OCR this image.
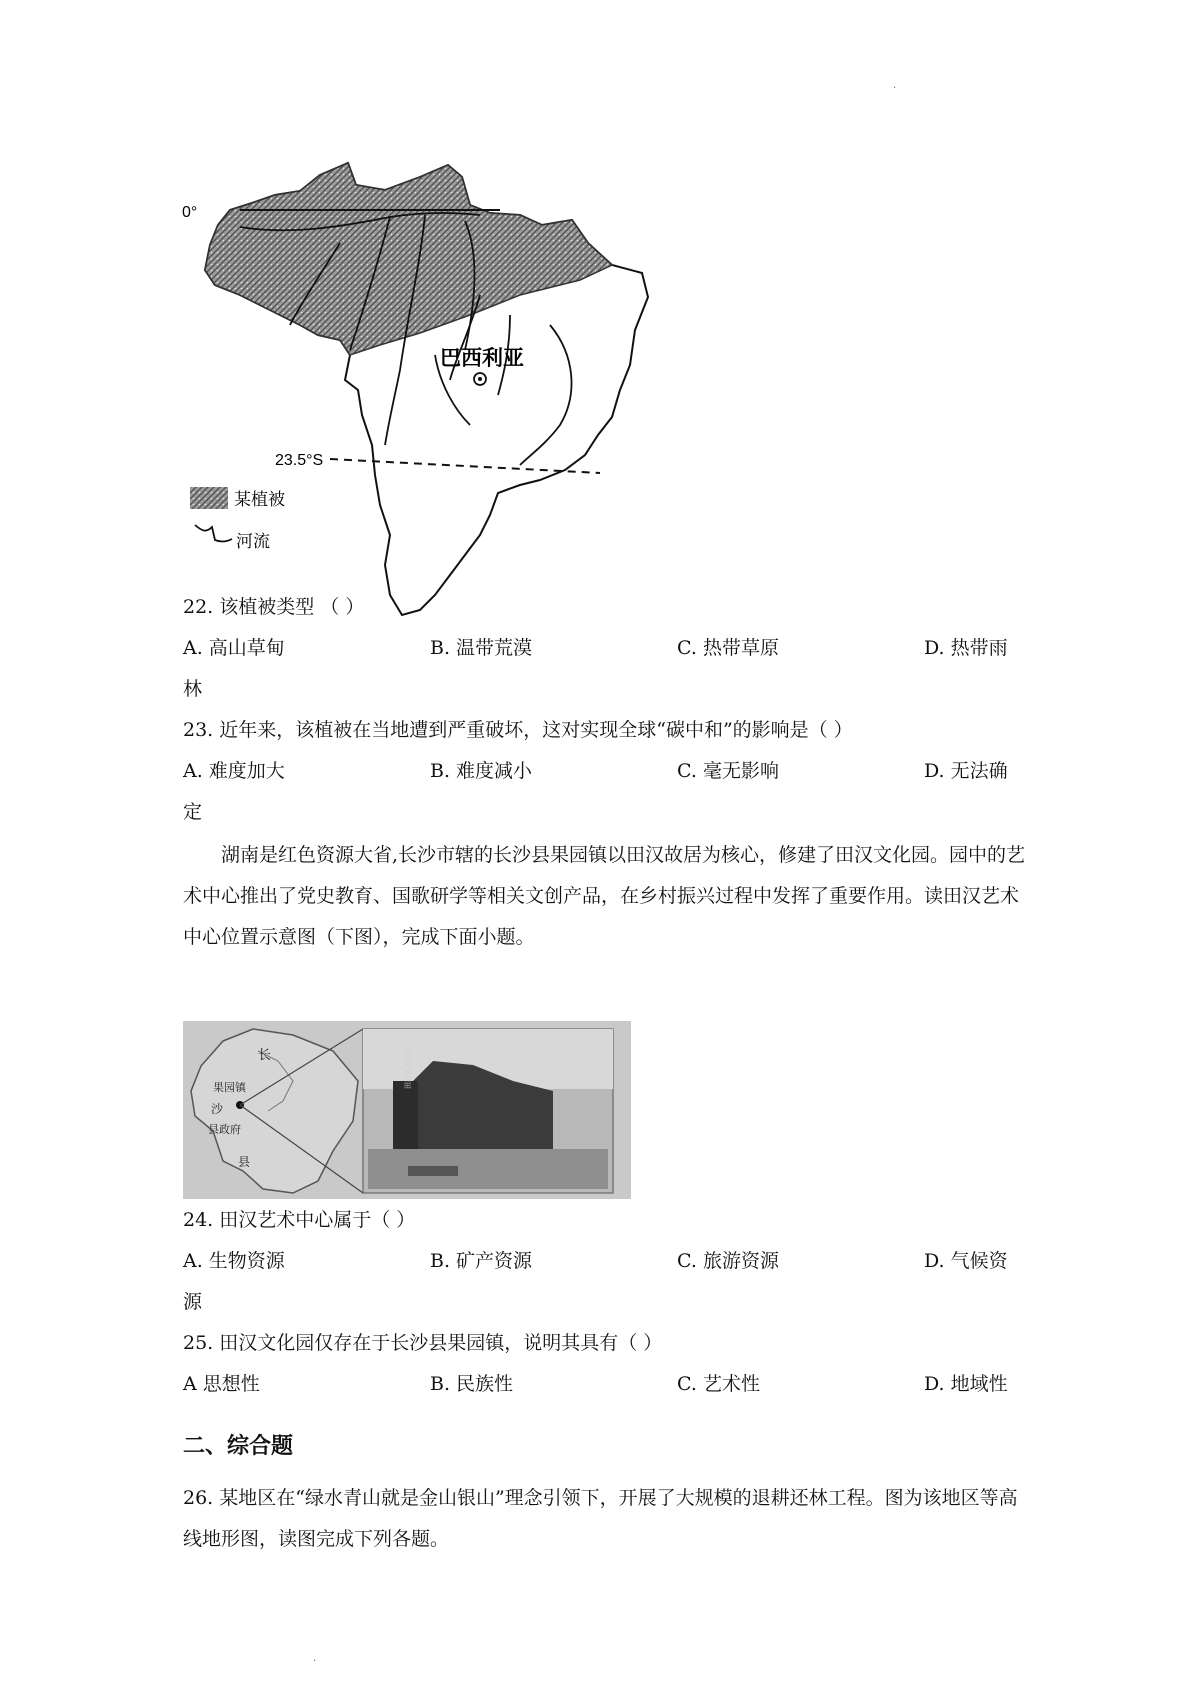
·
0°
23.5°S
巴西利亚
某植被
河流
22. 该植被类型 （ ）
A. 高山草甸	B. 温带荒漠	C. 热带草原	D. 热带雨
林
23. 近年来，该植被在当地遭到严重破坏，这对实现全球“碳中和”的影响是（ ）
A. 难度加大	B. 难度减小	C. 毫无影响	D. 无法确
定
　　湖南是红色资源大省,长沙市辖的长沙县果园镇以田汉故居为核心，修建了田汉文化园。园中的艺术中心推出了党史教育、国歌研学等相关文创产品，在乡村振兴过程中发挥了重要作用。读田汉艺术中心位置示意图（下图），完成下面小题。
长
果园镇
沙
县政府
县
田汉艺术中心
24. 田汉艺术中心属于（ ）
A. 生物资源	B. 矿产资源	C. 旅游资源	D. 气候资
源
25. 田汉文化园仅存在于长沙县果园镇，说明其具有（ ）
A 思想性	B. 民族性	C. 艺术性	D. 地域性
二、综合题
26. 某地区在“绿水青山就是金山银山”理念引领下，开展了大规模的退耕还林工程。图为该地区等高线地形图，读图完成下列各题。
·
